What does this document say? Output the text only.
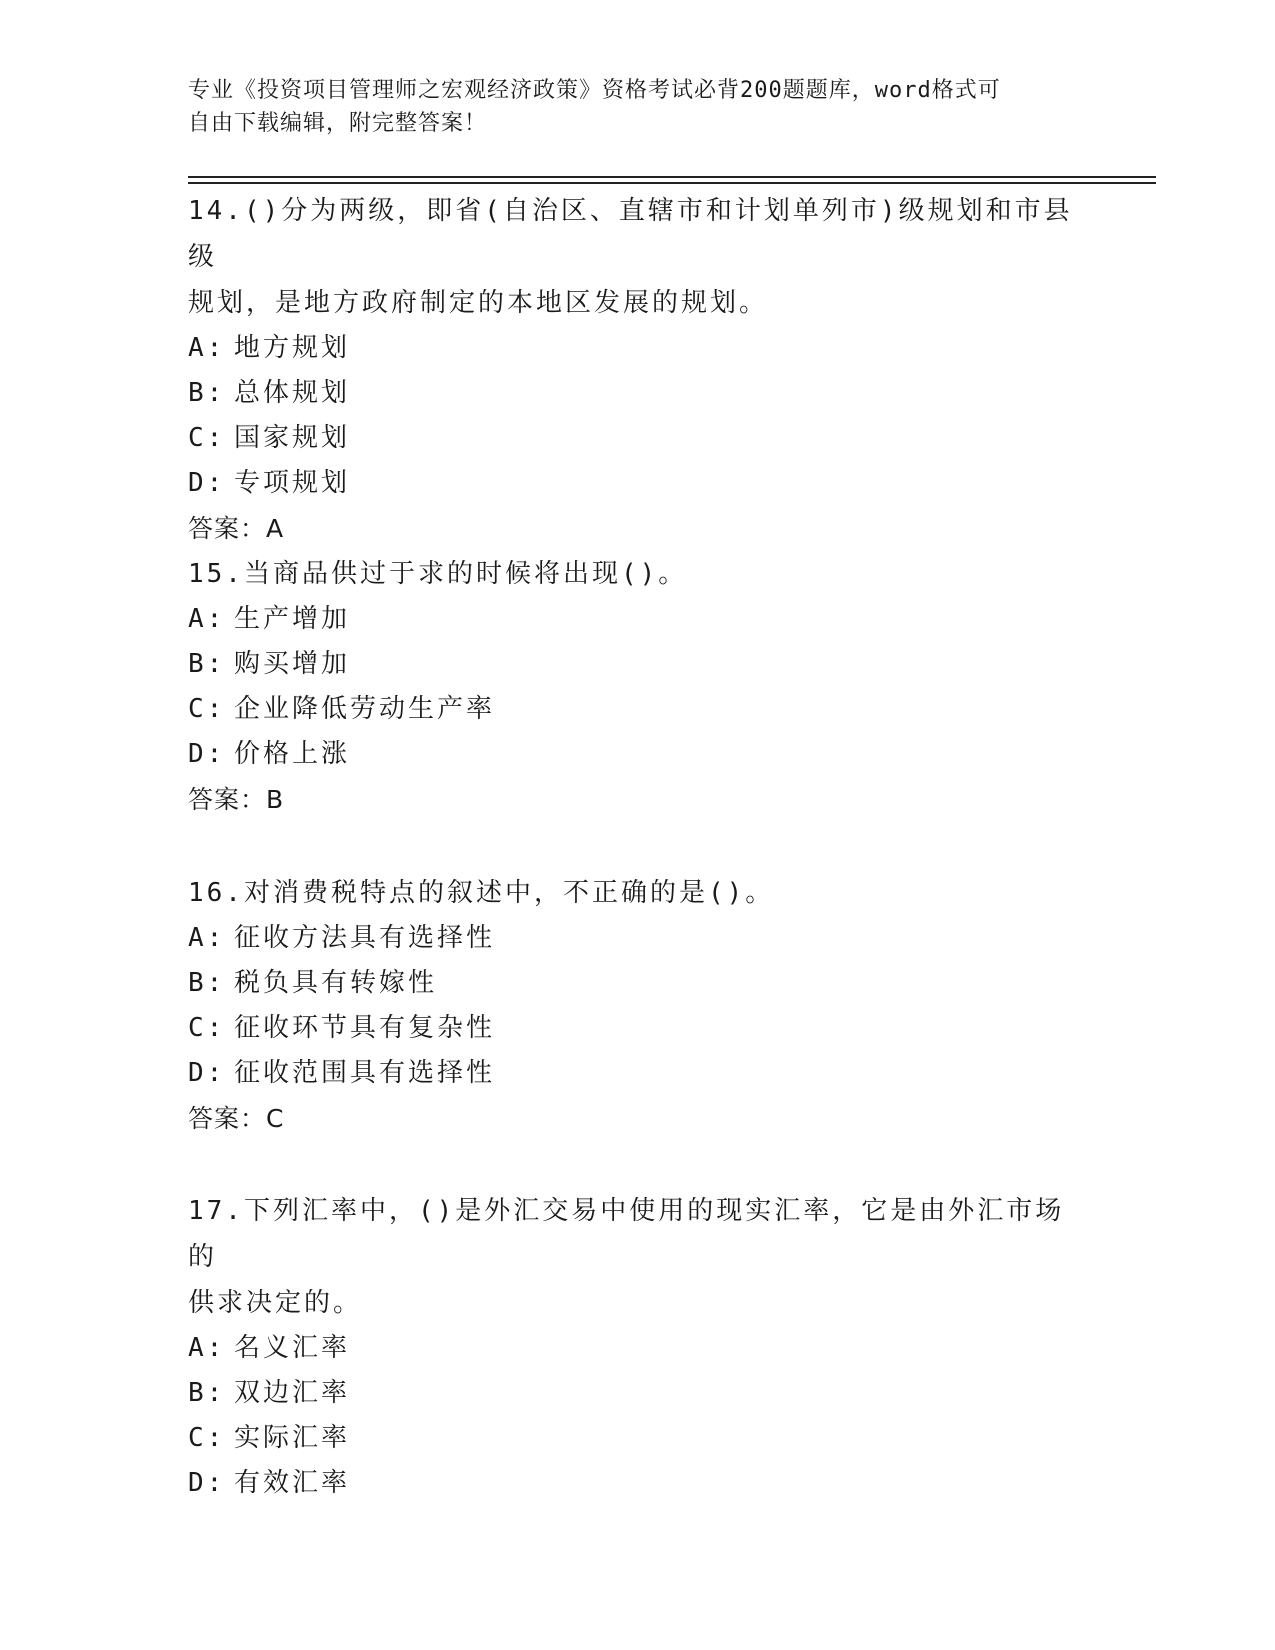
专业《投资项目管理师之宏观经济政策》资格考试必背200题题库，word格式可
自由下载编辑，附完整答案！

14.()分为两级，即省(自治区、直辖市和计划单列市)级规划和市县级
规划，是地方政府制定的本地区发展的规划。

A: 地方规划

B: 总体规划

C: 国家规划

D: 专项规划

答案：A

15.当商品供过于求的时候将出现()。

A: 生产增加

B: 购买增加

C: 企业降低劳动生产率

D: 价格上涨

答案：B

16.对消费税特点的叙述中，不正确的是()。

A: 征收方法具有选择性

B: 税负具有转嫁性

C: 征收环节具有复杂性

D: 征收范围具有选择性

答案：C

17.下列汇率中，()是外汇交易中使用的现实汇率，它是由外汇市场的
供求决定的。

A: 名义汇率

B: 双边汇率

C: 实际汇率

D: 有效汇率
